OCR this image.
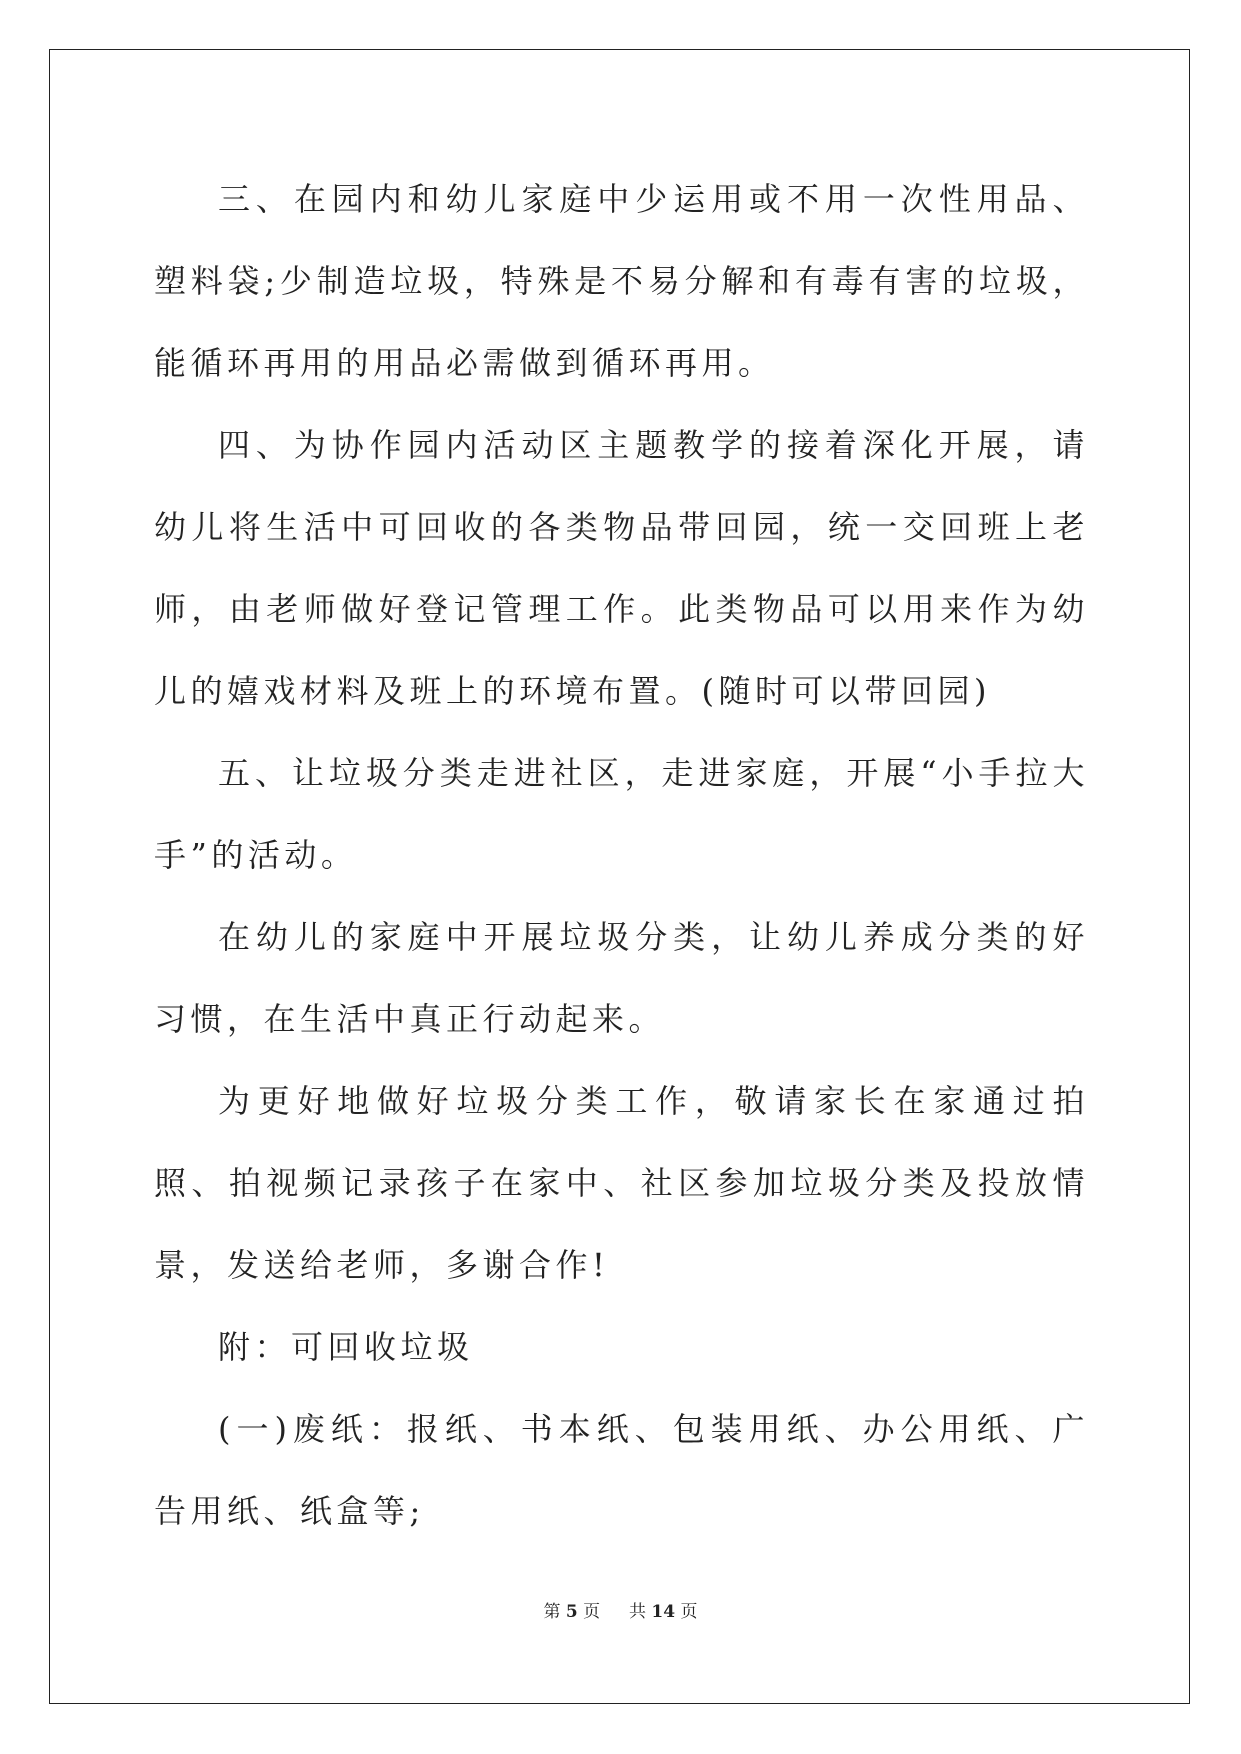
三、在园内和幼儿家庭中少运用或不用一次性用品、塑料袋;少制造垃圾，特殊是不易分解和有毒有害的垃圾，能循环再用的用品必需做到循环再用。

四、为协作园内活动区主题教学的接着深化开展，请幼儿将生活中可回收的各类物品带回园，统一交回班上老师，由老师做好登记管理工作。此类物品可以用来作为幼儿的嬉戏材料及班上的环境布置。(随时可以带回园)

五、让垃圾分类走进社区，走进家庭，开展“小手拉大手”的活动。

在幼儿的家庭中开展垃圾分类，让幼儿养成分类的好习惯，在生活中真正行动起来。

为更好地做好垃圾分类工作，敬请家长在家通过拍照、拍视频记录孩子在家中、社区参加垃圾分类及投放情景，发送给老师，多谢合作!

附：可回收垃圾

(一)废纸：报纸、书本纸、包装用纸、办公用纸、广告用纸、纸盒等;

第 5 页 共 14 页
